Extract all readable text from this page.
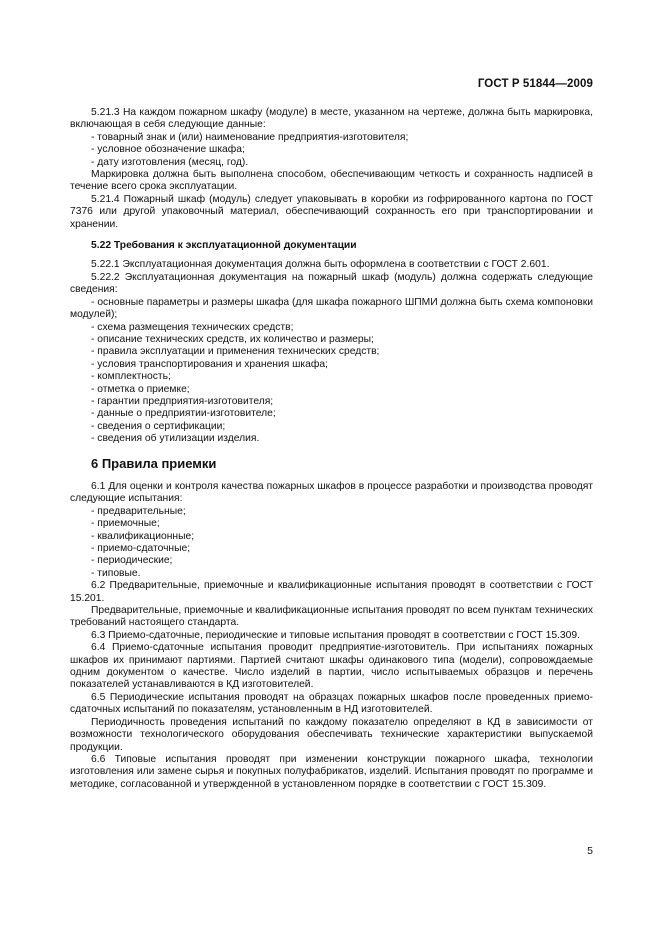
ГОСТ Р 51844—2009

5.21.3 На каждом пожарном шкафу (модуле) в месте, указанном на чертеже, должна быть маркировка, включающая в себя следующие данные:

- товарный знак и (или) наименование предприятия-изготовителя;

- условное обозначение шкафа;

- дату изготовления (месяц, год).

Маркировка должна быть выполнена способом, обеспечивающим четкость и сохранность надписей в течение всего срока эксплуатации.

5.21.4 Пожарный шкаф (модуль) следует упаковывать в коробки из гофрированного картона по ГОСТ 7376 или другой упаковочный материал, обеспечивающий сохранность его при транспортировании и хранении.

5.22 Требования к эксплуатационной документации

5.22.1 Эксплуатационная документация должна быть оформлена в соответствии с ГОСТ 2.601.

5.22.2 Эксплуатационная документация на пожарный шкаф (модуль) должна содержать следующие сведения:

- основные параметры и размеры шкафа (для шкафа пожарного ШПМИ должна быть схема компоновки модулей);

- схема размещения технических средств;

- описание технических средств, их количество и размеры;

- правила эксплуатации и применения технических средств;

- условия транспортирования и хранения шкафа;

- комплектность;

- отметка о приемке;

- гарантии предприятия-изготовителя;

- данные о предприятии-изготовителе;

- сведения о сертификации;

- сведения об утилизации изделия.

6 Правила приемки

6.1 Для оценки и контроля качества пожарных шкафов в процессе разработки и производства проводят следующие испытания:

- предварительные;

- приемочные;

- квалификационные;

- приемо-сдаточные;

- периодические;

- типовые.

6.2 Предварительные, приемочные и квалификационные испытания проводят в соответствии с ГОСТ 15.201.

Предварительные, приемочные и квалификационные испытания проводят по всем пунктам технических требований настоящего стандарта.

6.3 Приемо-сдаточные, периодические и типовые испытания проводят в соответствии с ГОСТ 15.309.

6.4 Приемо-сдаточные испытания проводит предприятие-изготовитель. При испытаниях пожарных шкафов их принимают партиями. Партией считают шкафы одинакового типа (модели), сопровождаемые одним документом о качестве. Число изделий в партии, число испытываемых образцов и перечень показателей устанавливаются в КД изготовителей.

6.5 Периодические испытания проводят на образцах пожарных шкафов после проведенных приемо-сдаточных испытаний по показателям, установленным в НД изготовителей.

Периодичность проведения испытаний по каждому показателю определяют в КД в зависимости от возможности технологического оборудования обеспечивать технические характеристики выпускаемой продукции.

6.6 Типовые испытания проводят при изменении конструкции пожарного шкафа, технологии изготовления или замене сырья и покупных полуфабрикатов, изделий. Испытания проводят по программе и методике, согласованной и утвержденной в установленном порядке в соответствии с ГОСТ 15.309.

5
